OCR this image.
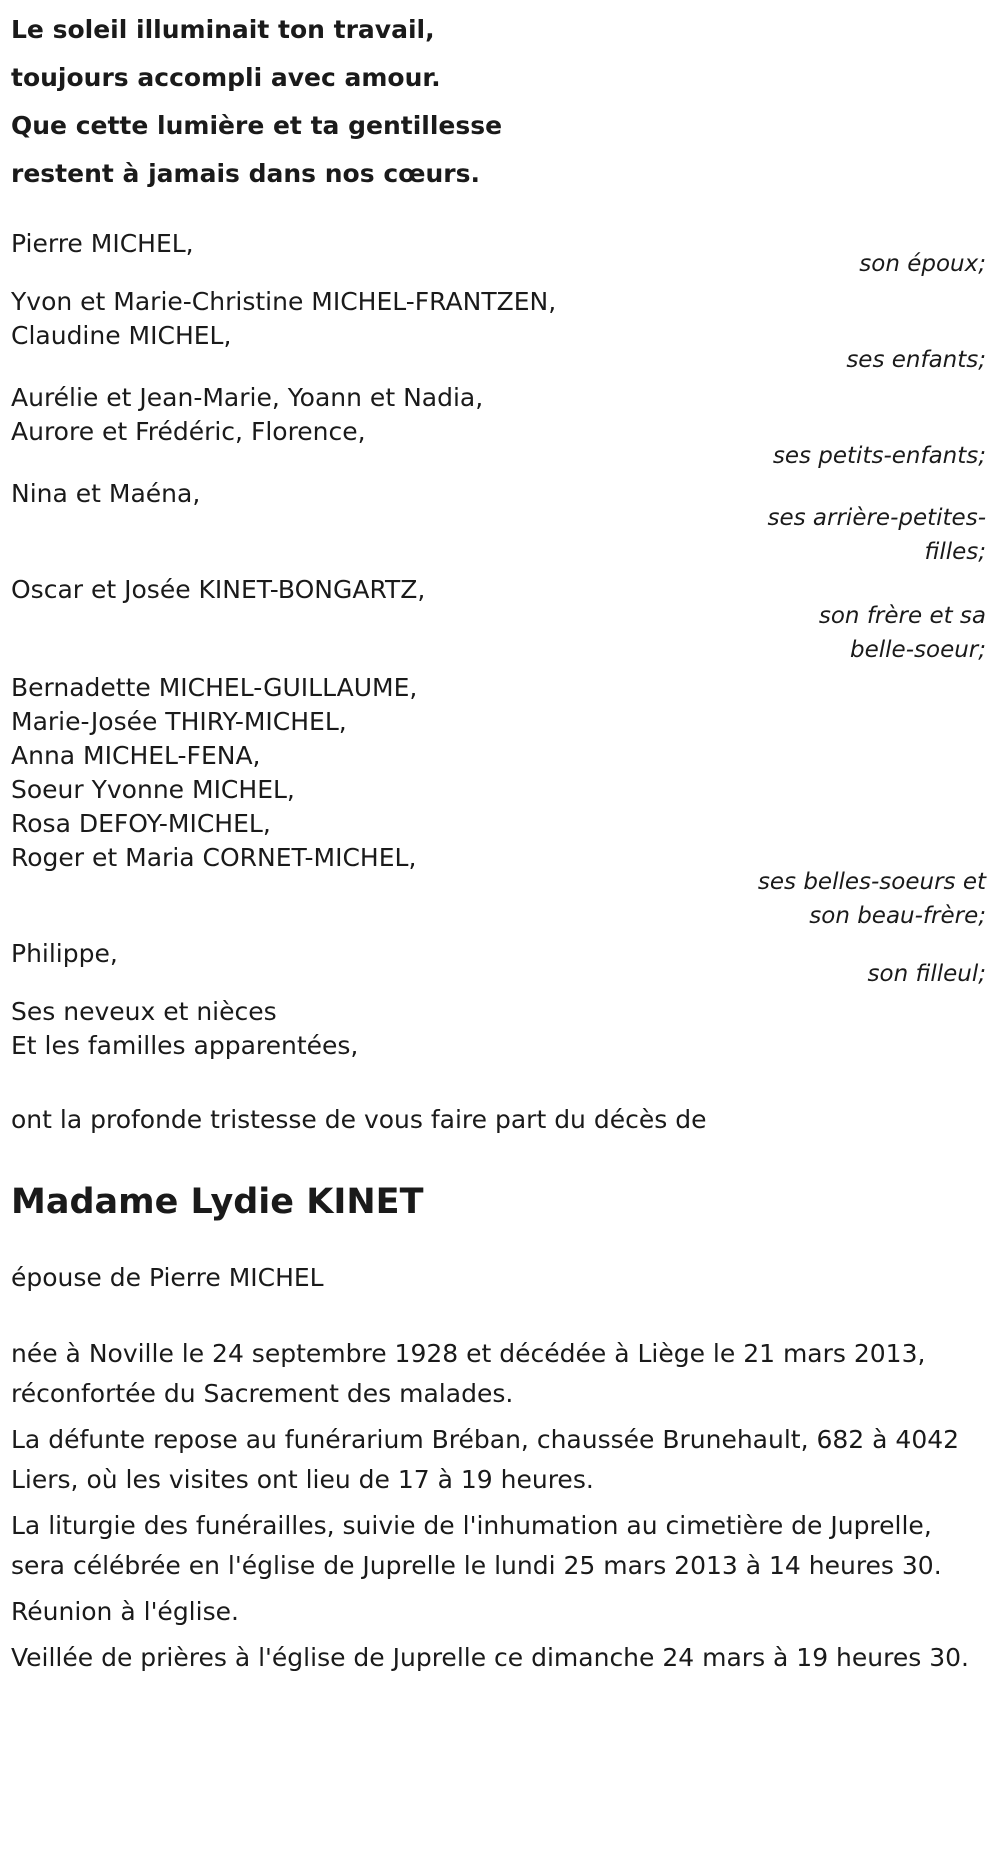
Le soleil illuminait ton travail,
toujours accompli avec amour.
Que cette lumière et ta gentillesse
restent à jamais dans nos cœurs.
Pierre MICHEL,
son époux;
Yvon et Marie-Christine MICHEL-FRANTZEN,
Claudine MICHEL,
ses enfants;
Aurélie et Jean-Marie, Yoann et Nadia,
Aurore et Frédéric, Florence,
ses petits-enfants;
Nina et Maéna,
ses arrière-petites-
filles;
Oscar et Josée KINET-BONGARTZ,
son frère et sa
belle-soeur;
Bernadette MICHEL-GUILLAUME,
Marie-Josée THIRY-MICHEL,
Anna MICHEL-FENA,
Soeur Yvonne MICHEL,
Rosa DEFOY-MICHEL,
Roger et Maria CORNET-MICHEL,
ses belles-soeurs et
son beau-frère;
Philippe,
son filleul;
Ses neveux et nièces
Et les familles apparentées,
ont la profonde tristesse de vous faire part du décès de
Madame Lydie KINET
épouse de Pierre MICHEL
née à Noville le 24 septembre 1928 et décédée à Liège le 21 mars 2013, réconfortée du Sacrement des malades.
La défunte repose au funérarium Bréban, chaussée Brunehault, 682 à 4042 Liers, où les visites ont lieu de 17 à 19 heures.
La liturgie des funérailles, suivie de l'inhumation au cimetière de Juprelle, sera célébrée en l'église de Juprelle le lundi 25 mars 2013 à 14 heures 30.
Réunion à l'église.
Veillée de prières à l'église de Juprelle ce dimanche 24 mars à 19 heures 30.
